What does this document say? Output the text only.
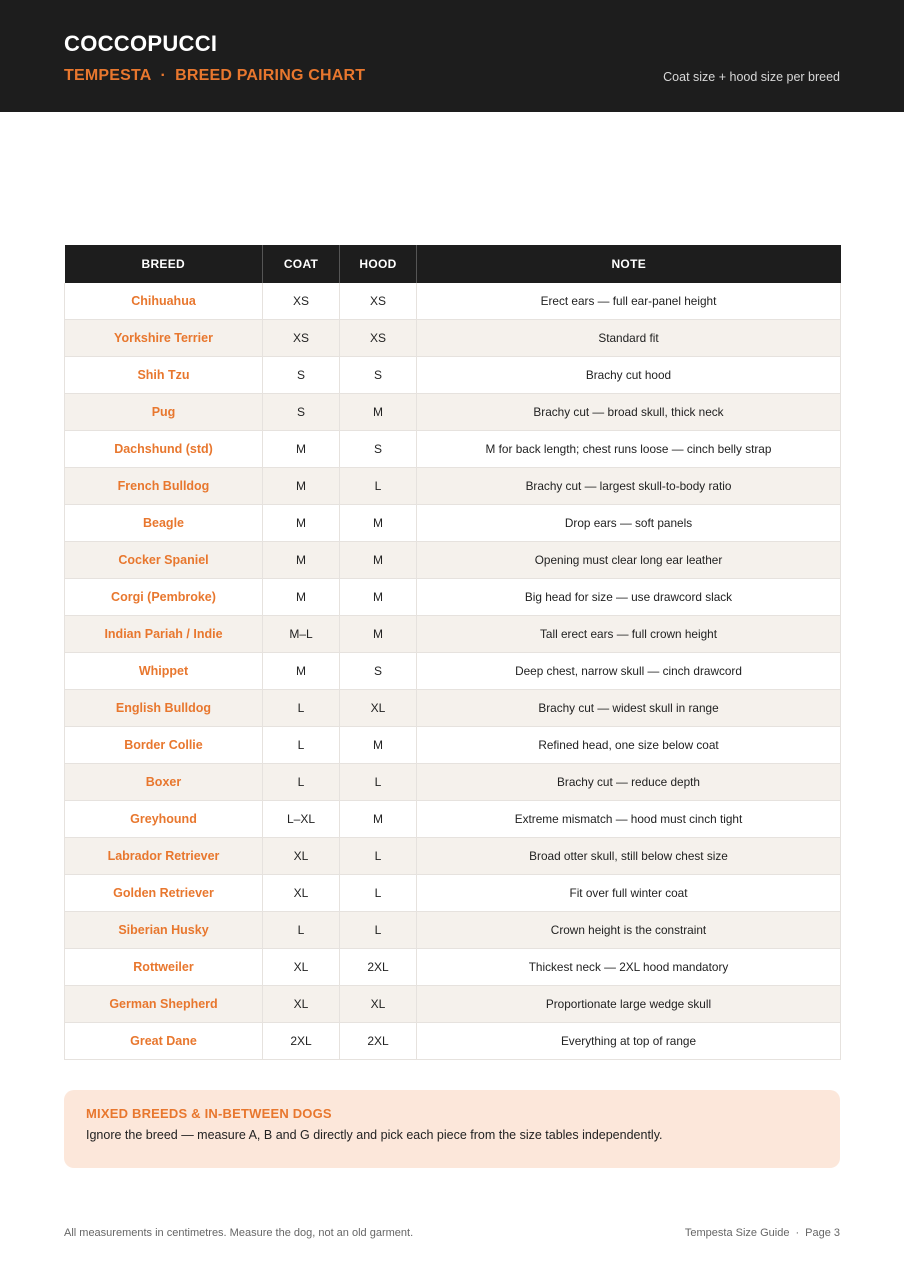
COCCOPUCCI
TEMPESTA · BREED PAIRING CHART	Coat size + hood size per breed
BREED	COAT	HOOD	NOTE
Chihuahua	XS	XS	Erect ears — full ear-panel height
Yorkshire Terrier	XS	XS	Standard fit
Shih Tzu	S	S	Brachy cut hood
Pug	S	M	Brachy cut — broad skull, thick neck
Dachshund (std)	M	S	M for back length; chest runs loose — cinch belly strap
French Bulldog	M	L	Brachy cut — largest skull-to-body ratio
Beagle	M	M	Drop ears — soft panels
Cocker Spaniel	M	M	Opening must clear long ear leather
Corgi (Pembroke)	M	M	Big head for size — use drawcord slack
Indian Pariah / Indie	M–L	M	Tall erect ears — full crown height
Whippet	M	S	Deep chest, narrow skull — cinch drawcord
English Bulldog	L	XL	Brachy cut — widest skull in range
Border Collie	L	M	Refined head, one size below coat
Boxer	L	L	Brachy cut — reduce depth
Greyhound	L–XL	M	Extreme mismatch — hood must cinch tight
Labrador Retriever	XL	L	Broad otter skull, still below chest size
Golden Retriever	XL	L	Fit over full winter coat
Siberian Husky	L	L	Crown height is the constraint
Rottweiler	XL	2XL	Thickest neck — 2XL hood mandatory
German Shepherd	XL	XL	Proportionate large wedge skull
Great Dane	2XL	2XL	Everything at top of range
MIXED BREEDS & IN-BETWEEN DOGS
Ignore the breed — measure A, B and G directly and pick each piece from the size tables independently.
All measurements in centimetres. Measure the dog, not an old garment.	Tempesta Size Guide · Page 3
